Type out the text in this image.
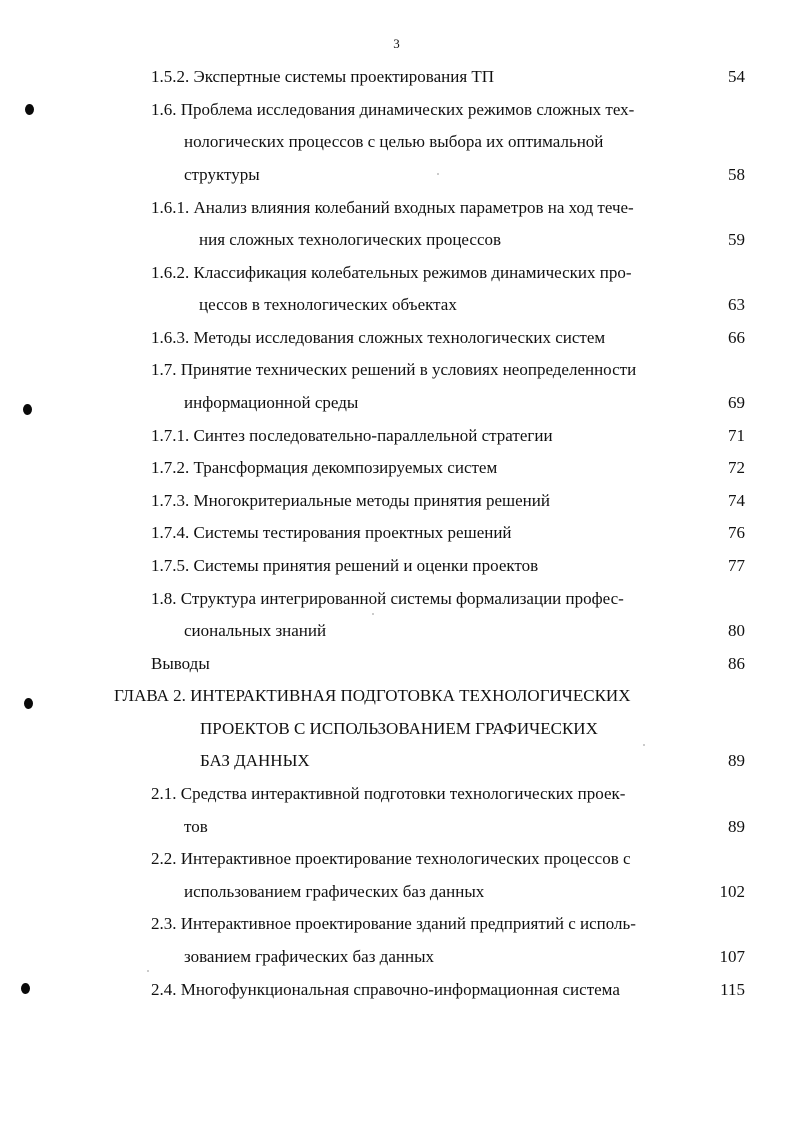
3
1.5.2. Экспертные системы проектирования ТП	54
1.6. Проблема исследования динамических режимов сложных тех-
нологических процессов с целью выбора их оптимальной
структуры	58
1.6.1. Анализ влияния колебаний входных параметров на ход тече-
ния сложных технологических процессов	59
1.6.2. Классификация колебательных режимов динамических про-
цессов в технологических объектах	63
1.6.3. Методы исследования сложных технологических систем	66
1.7. Принятие технических решений в условиях неопределенности
информационной среды	69
1.7.1. Синтез последовательно-параллельной стратегии	71
1.7.2. Трансформация декомпозируемых систем	72
1.7.3. Многокритериальные методы принятия решений	74
1.7.4. Системы тестирования проектных решений	76
1.7.5. Системы принятия решений и оценки проектов	77
1.8. Структура интегрированной системы формализации профес-
сиональных знаний	80
Выводы	86
ГЛАВА 2. ИНТЕРАКТИВНАЯ ПОДГОТОВКА ТЕХНОЛОГИЧЕСКИХ
ПРОЕКТОВ С ИСПОЛЬЗОВАНИЕМ ГРАФИЧЕСКИХ
БАЗ ДАННЫХ	89
2.1. Средства интерактивной подготовки технологических проек-
тов	89
2.2. Интерактивное проектирование технологических процессов с
использованием графических баз данных	102
2.3. Интерактивное проектирование зданий предприятий с исполь-
зованием графических баз данных	107
2.4. Многофункциональная справочно-информационная система	115
